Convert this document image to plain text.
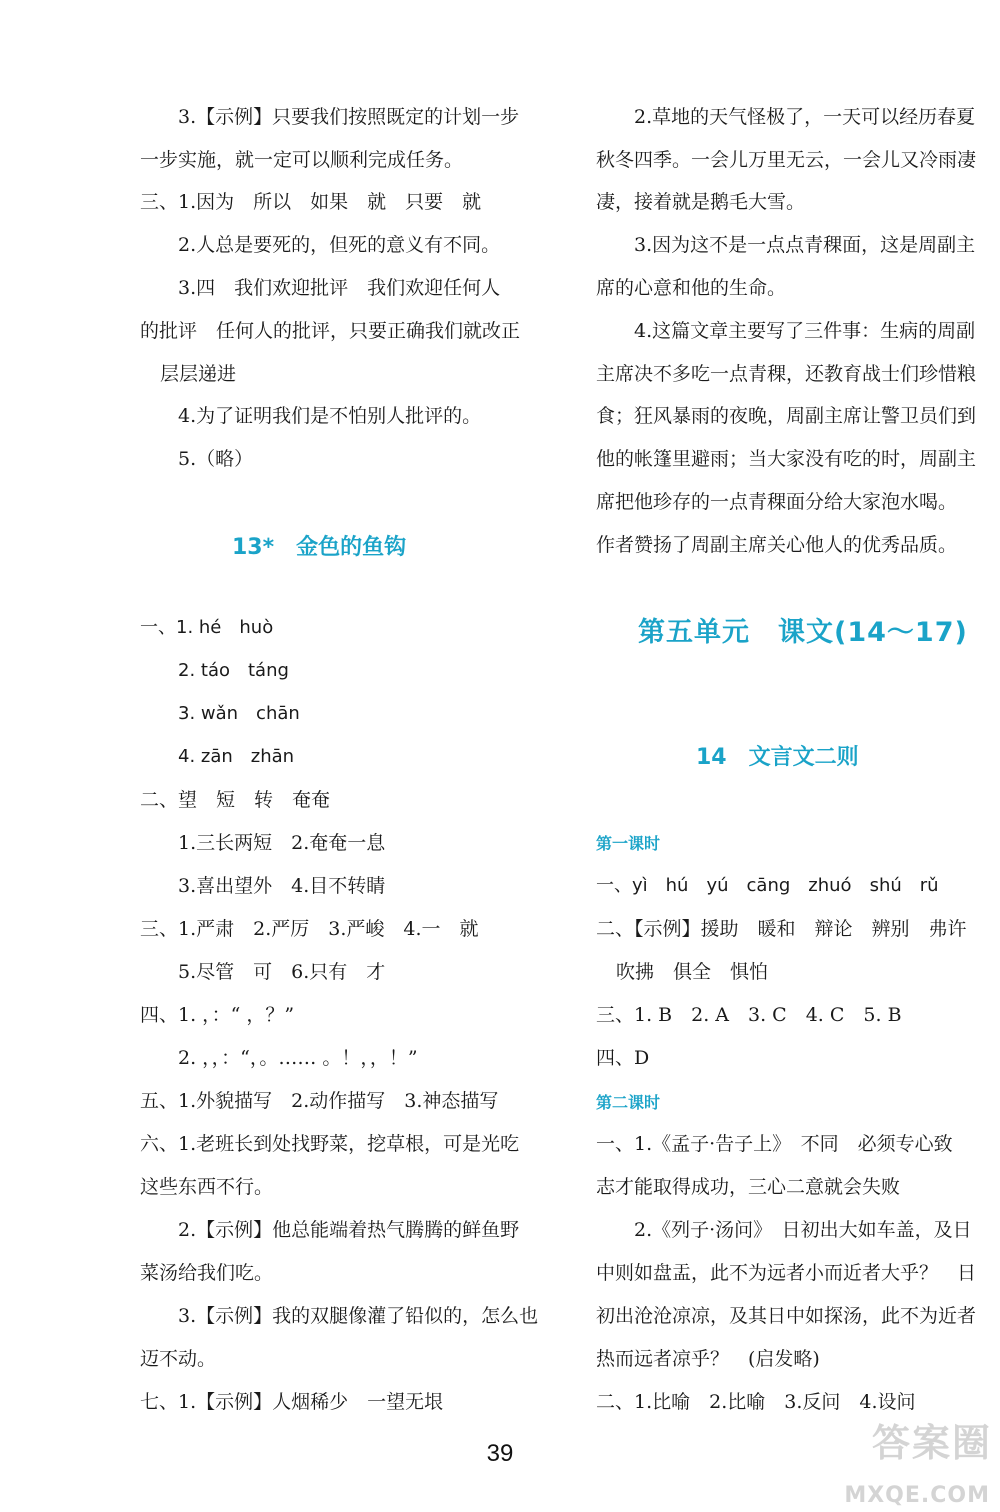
3.【示例】只要我们按照既定的计划一步
一步实施，就一定可以顺利完成任务。
三、1.因为　所以　如果　就　只要　就
2.人总是要死的，但死的意义有不同。
3.四　我们欢迎批评　我们欢迎任何人
的批评　任何人的批评，只要正确我们就改正
层层递进
4.为了证明我们是不怕别人批评的。
5.（略）
13*　金色的鱼钩
一、1. hé　huò
2. táo　táng
3. wǎn　chān
4. zān　zhān
二、望　短　转　奄奄
1.三长两短　2.奄奄一息
3.喜出望外　4.目不转睛
三、1.严肃　2.严厉　3.严峻　4.一　就
5.尽管　可　6.只有　才
四、1. ，：“ ，？”
2. ，，：“，。…… 。！，，！”
五、1.外貌描写　2.动作描写　3.神态描写
六、1.老班长到处找野菜，挖草根，可是光吃
这些东西不行。
2.【示例】他总能端着热气腾腾的鲜鱼野
菜汤给我们吃。
3.【示例】我的双腿像灌了铅似的，怎么也
迈不动。
七、1.【示例】人烟稀少　一望无垠
2.草地的天气怪极了，一天可以经历春夏
秋冬四季。一会儿万里无云，一会儿又冷雨凄
凄，接着就是鹅毛大雪。
3.因为这不是一点点青稞面，这是周副主
席的心意和他的生命。
4.这篇文章主要写了三件事：生病的周副
主席决不多吃一点青稞，还教育战士们珍惜粮
食；狂风暴雨的夜晚，周副主席让警卫员们到
他的帐篷里避雨；当大家没有吃的时，周副主
席把他珍存的一点青稞面分给大家泡水喝。
作者赞扬了周副主席关心他人的优秀品质。
第五单元　课文(14～17)
14　文言文二则
第一课时
一、yì　hú　yú　cāng　zhuó　shú　rǔ
二、【示例】援助　暖和　辩论　辨别　弗许
吹拂　俱全　惧怕
三、1. B　2. A　3. C　4. C　5. B
四、D
第二课时
一、1.《孟子·告子上》　不同　必须专心致
志才能取得成功，三心二意就会失败
2.《列子·汤问》　日初出大如车盖，及日
中则如盘盂，此不为远者小而近者大乎？　日
初出沧沧凉凉，及其日中如探汤，此不为近者
热而远者凉乎？　(启发略)
二、1.比喻　2.比喻　3.反问　4.设问
39	答案圈
MXQE.COM
